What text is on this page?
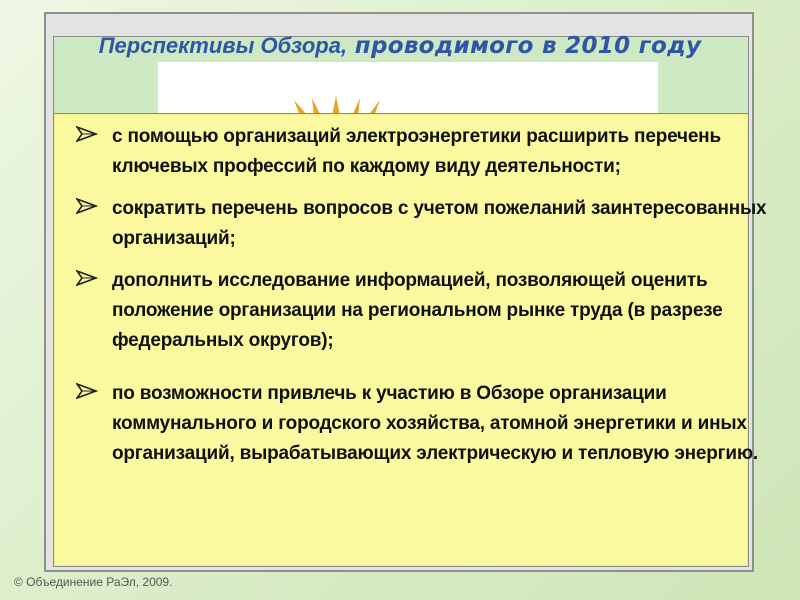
Перспективы Обзора, проводимого в 2010 году
с помощью организаций электроэнергетики расширить перечень ключевых профессий по каждому виду деятельности;
сократить перечень вопросов с учетом пожеланий заинтересованных организаций;
дополнить исследование информацией, позволяющей оценить положение организации на региональном рынке труда (в разрезе федеральных округов);
по возможности привлечь к участию в Обзоре организации коммунального и городского хозяйства, атомной энергетики и иных организаций, вырабатывающих электрическую и тепловую энергию.
© Объединение РаЭл, 2009.
